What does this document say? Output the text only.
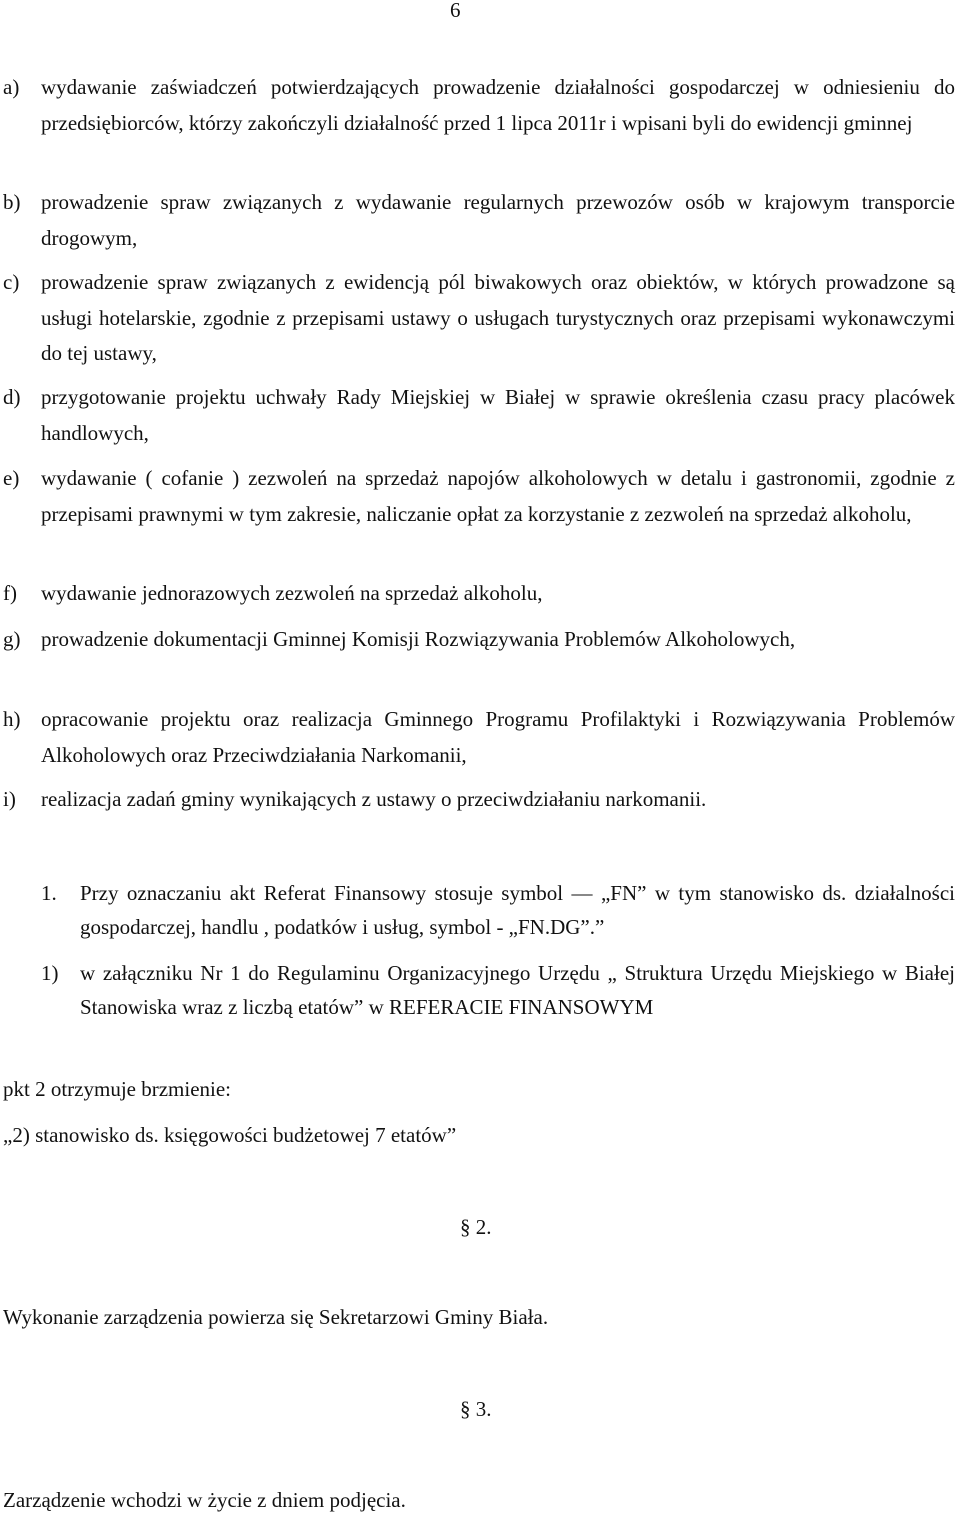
6
a) wydawanie zaświadczeń potwierdzających prowadzenie działalności gospodarczej w odniesieniu do przedsiębiorców, którzy zakończyli działalność przed 1 lipca 2011r i wpisani byli do ewidencji gminnej
b) prowadzenie spraw związanych z wydawanie regularnych przewozów osób w krajowym transporcie drogowym,
c) prowadzenie spraw związanych z ewidencją pól biwakowych oraz obiektów, w których prowadzone są usługi hotelarskie, zgodnie z przepisami ustawy o usługach turystycznych oraz przepisami wykonawczymi do tej ustawy,
d) przygotowanie projektu uchwały Rady Miejskiej w Białej w sprawie określenia czasu pracy placówek handlowych,
e) wydawanie ( cofanie ) zezwoleń na sprzedaż napojów alkoholowych w detalu i gastronomii, zgodnie z przepisami prawnymi w tym zakresie, naliczanie opłat za korzystanie z zezwoleń na sprzedaż alkoholu,
f) wydawanie jednorazowych zezwoleń na sprzedaż alkoholu,
g) prowadzenie dokumentacji Gminnej Komisji Rozwiązywania Problemów Alkoholowych,
h) opracowanie projektu oraz realizacja Gminnego Programu Profilaktyki i Rozwiązywania Problemów Alkoholowych oraz Przeciwdziałania Narkomanii,
i) realizacja zadań gminy wynikających z ustawy o przeciwdziałaniu narkomanii.
1. Przy oznaczaniu akt Referat Finansowy stosuje symbol — „FN” w tym stanowisko ds. działalności gospodarczej, handlu , podatków i usług, symbol - „FN.DG”.”
1) w załączniku Nr 1 do Regulaminu Organizacyjnego Urzędu „ Struktura Urzędu Miejskiego w Białej Stanowiska wraz z liczbą etatów” w REFERACIE FINANSOWYM
pkt 2 otrzymuje brzmienie:
„2) stanowisko ds. księgowości budżetowej 7 etatów”
§ 2.
Wykonanie zarządzenia powierza się Sekretarzowi Gminy Biała.
§ 3.
Zarządzenie wchodzi w życie z dniem podjęcia.
